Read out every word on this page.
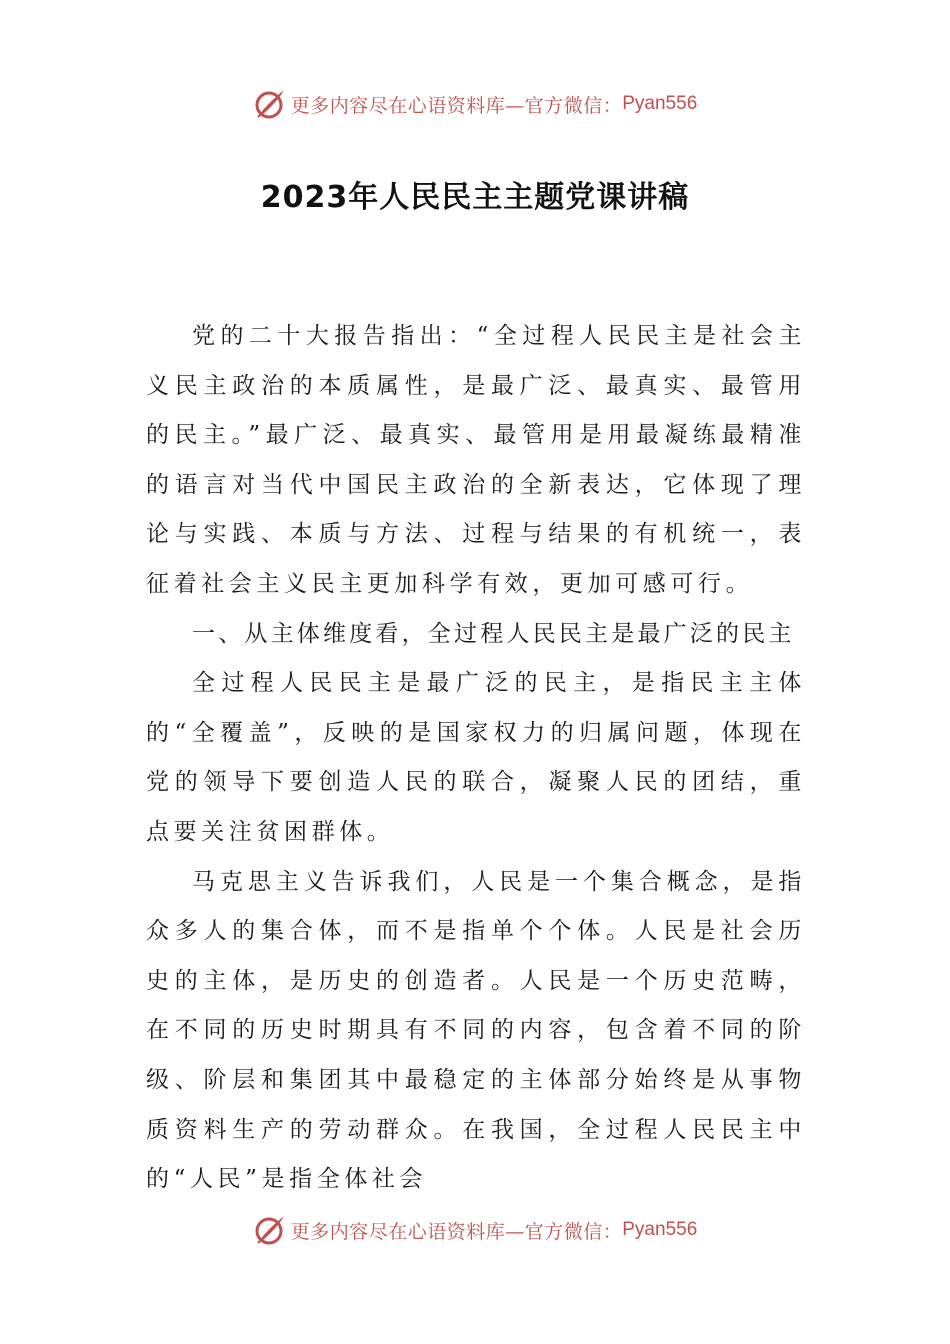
更多内容尽在心语资料库—官方微信： Pyan556
2023年人民民主主题党课讲稿

党的二十大报告指出：“全过程人民民主是社会主义民主政治的本质属性，是最广泛、最真实、最管用的民主。”最广泛、最真实、最管用是用最凝练最精准的语言对当代中国民主政治的全新表达，它体现了理论与实践、本质与方法、过程与结果的有机统一，表征着社会主义民主更加科学有效，更加可感可行。

一、从主体维度看，全过程人民民主是最广泛的民主

全过程人民民主是最广泛的民主，是指民主主体的“全覆盖”，反映的是国家权力的归属问题，体现在党的领导下要创造人民的联合，凝聚人民的团结，重点要关注贫困群体。

马克思主义告诉我们，人民是一个集合概念，是指众多人的集合体，而不是指单个个体。人民是社会历史的主体，是历史的创造者。人民是一个历史范畴，在不同的历史时期具有不同的内容，包含着不同的阶级、阶层和集团其中最稳定的主体部分始终是从事物质资料生产的劳动群众。在我国，全过程人民民主中的“人民”是指全体社会

更多内容尽在心语资料库—官方微信： Pyan556
